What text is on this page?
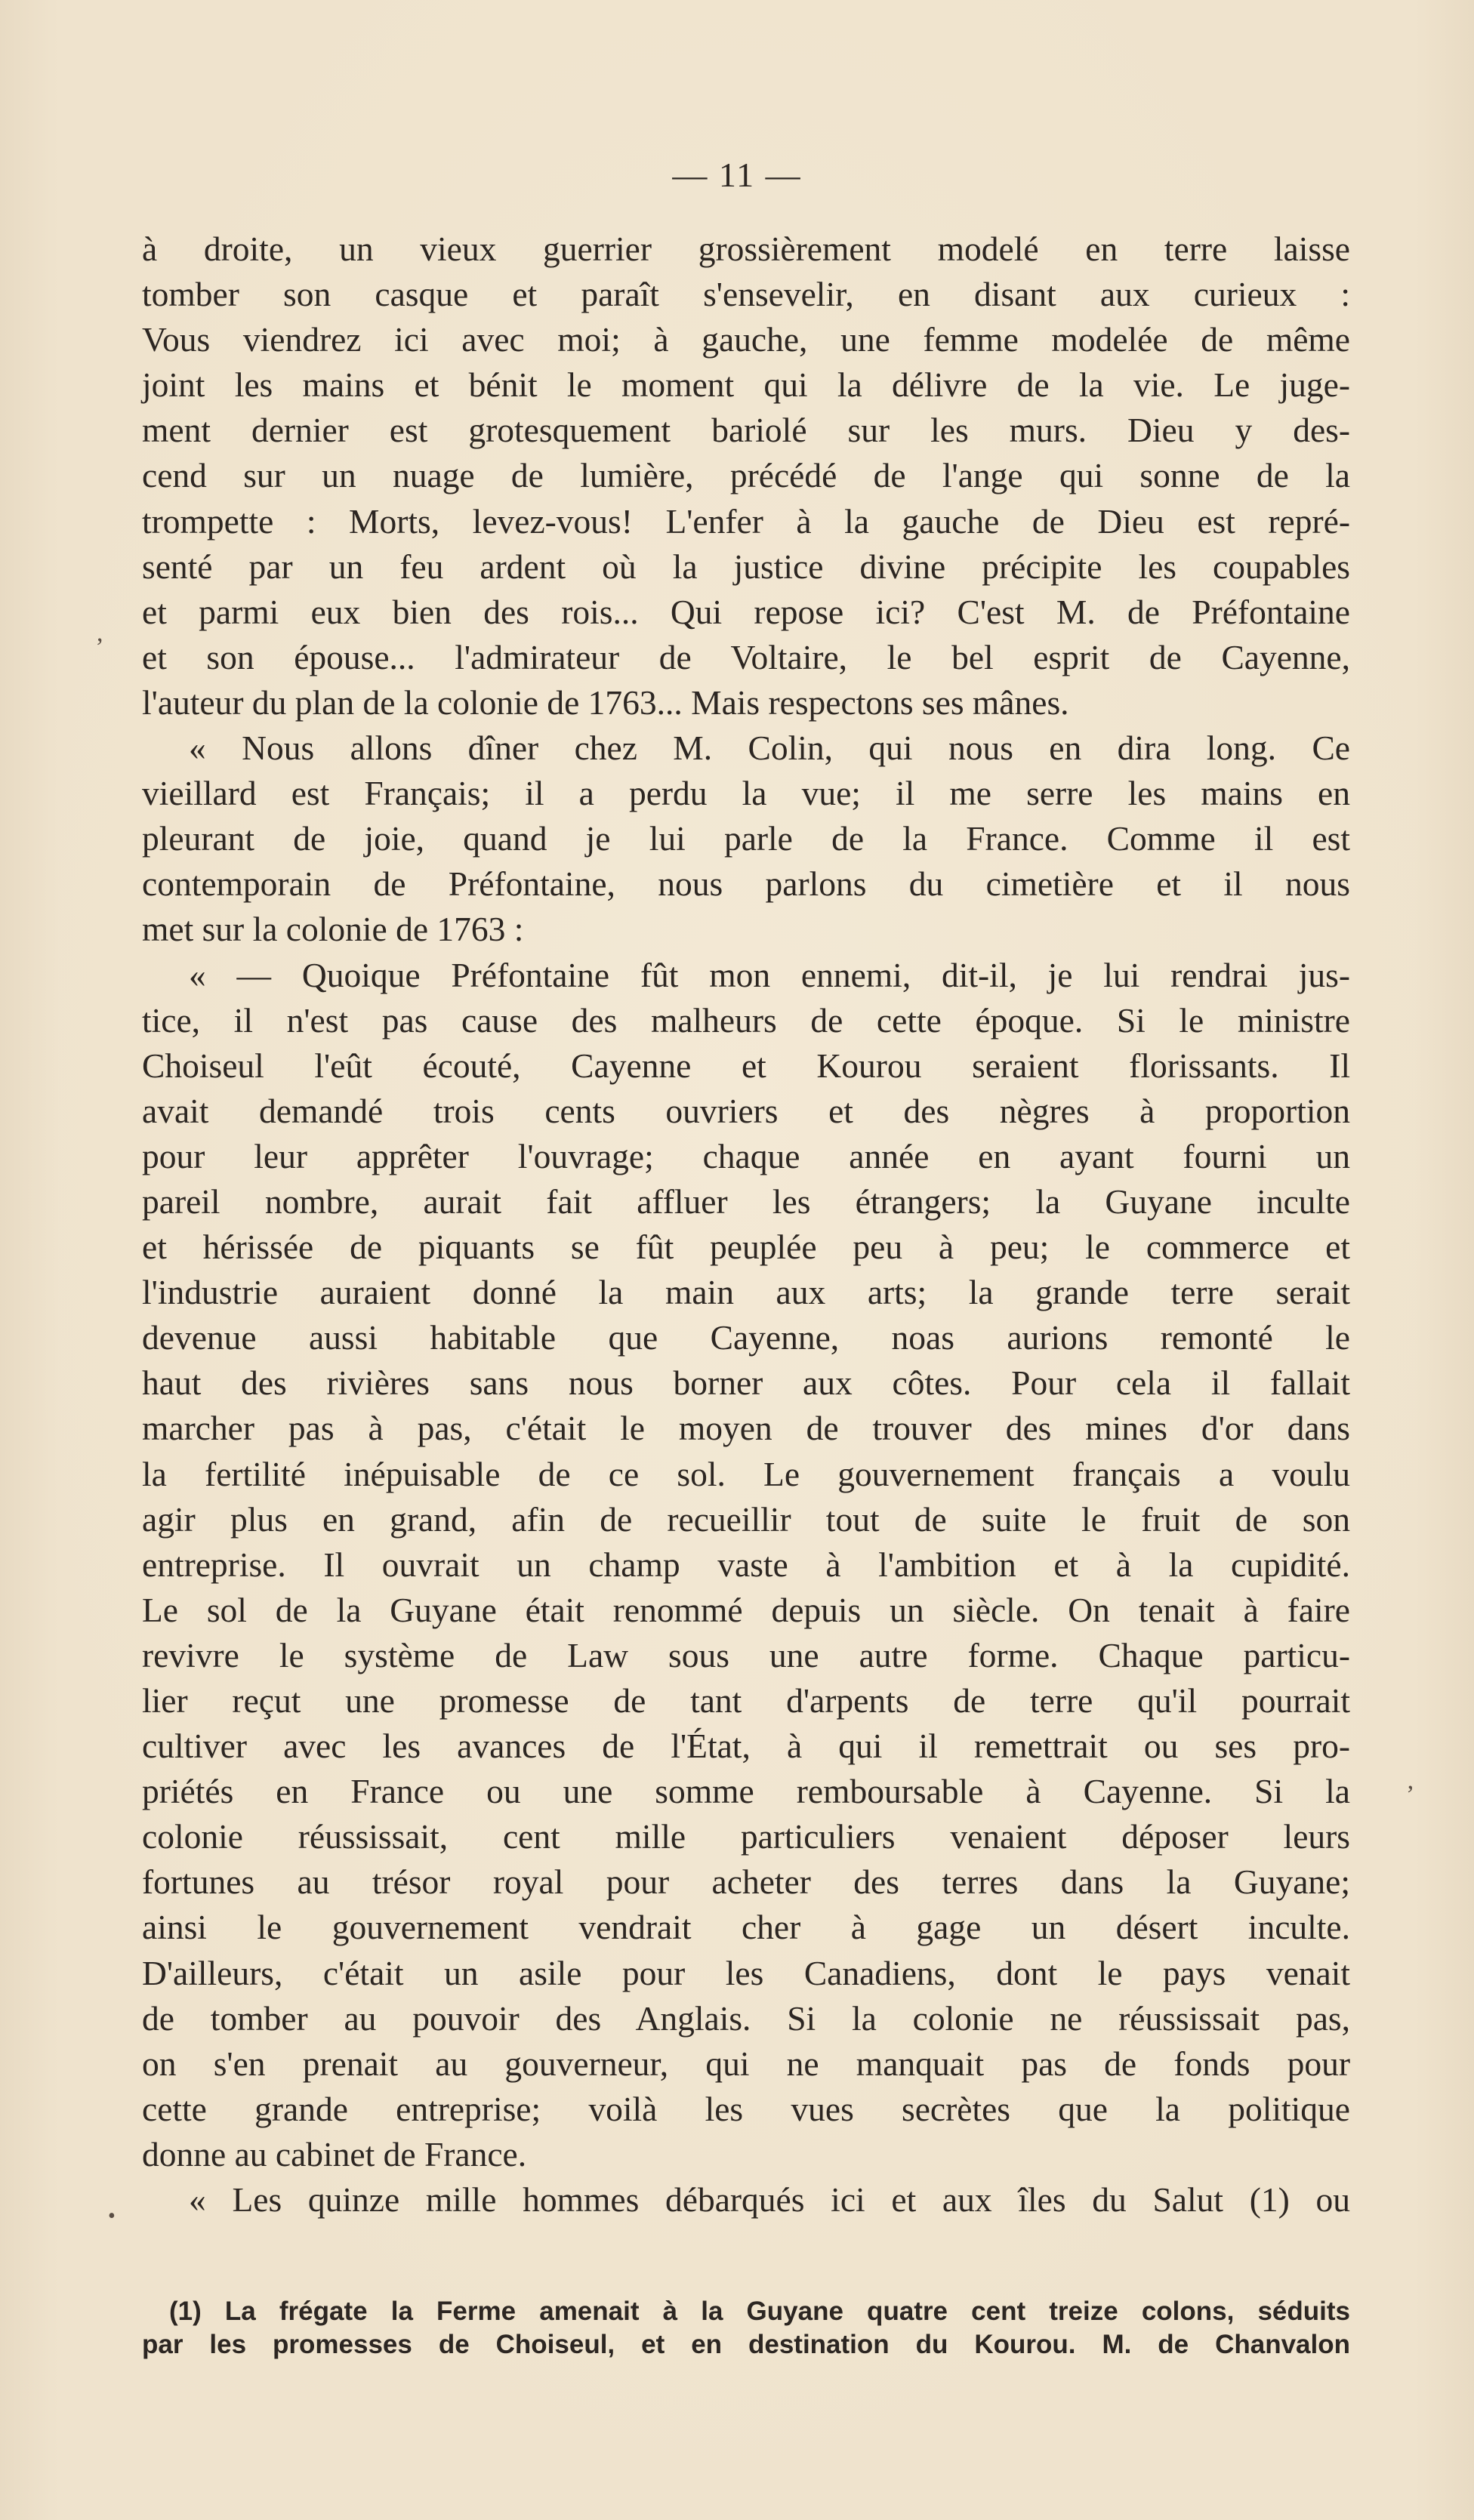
— 11 —
,
‚
•
à droite, un vieux guerrier grossièrement modelé en terre laisse
tomber son casque et paraît s'ensevelir, en disant aux curieux :
Vous viendrez ici avec moi; à gauche, une femme modelée de même
joint les mains et bénit le moment qui la délivre de la vie. Le juge-
ment dernier est grotesquement bariolé sur les murs. Dieu y des-
cend sur un nuage de lumière, précédé de l'ange qui sonne de la
trompette : Morts, levez-vous! L'enfer à la gauche de Dieu est repré-
senté par un feu ardent où la justice divine précipite les coupables
et parmi eux bien des rois... Qui repose ici? C'est M. de Préfontaine
et son épouse... l'admirateur de Voltaire, le bel esprit de Cayenne,
l'auteur du plan de la colonie de 1763... Mais respectons ses mânes.
« Nous allons dîner chez M. Colin, qui nous en dira long. Ce
vieillard est Français; il a perdu la vue; il me serre les mains en
pleurant de joie, quand je lui parle de la France. Comme il est
contemporain de Préfontaine, nous parlons du cimetière et il nous
met sur la colonie de 1763 :
« — Quoique Préfontaine fût mon ennemi, dit-il, je lui rendrai jus-
tice, il n'est pas cause des malheurs de cette époque. Si le ministre
Choiseul l'eût écouté, Cayenne et Kourou seraient florissants. Il
avait demandé trois cents ouvriers et des nègres à proportion
pour leur apprêter l'ouvrage; chaque année en ayant fourni un
pareil nombre, aurait fait affluer les étrangers; la Guyane inculte
et hérissée de piquants se fût peuplée peu à peu; le commerce et
l'industrie auraient donné la main aux arts; la grande terre serait
devenue aussi habitable que Cayenne, noas aurions remonté le
haut des rivières sans nous borner aux côtes. Pour cela il fallait
marcher pas à pas, c'était le moyen de trouver des mines d'or dans
la fertilité inépuisable de ce sol. Le gouvernement français a voulu
agir plus en grand, afin de recueillir tout de suite le fruit de son
entreprise. Il ouvrait un champ vaste à l'ambition et à la cupidité.
Le sol de la Guyane était renommé depuis un siècle. On tenait à faire
revivre le système de Law sous une autre forme. Chaque particu-
lier reçut une promesse de tant d'arpents de terre qu'il pourrait
cultiver avec les avances de l'État, à qui il remettrait ou ses pro-
priétés en France ou une somme remboursable à Cayenne. Si la
colonie réussissait, cent mille particuliers venaient déposer leurs
fortunes au trésor royal pour acheter des terres dans la Guyane;
ainsi le gouvernement vendrait cher à gage un désert inculte.
D'ailleurs, c'était un asile pour les Canadiens, dont le pays venait
de tomber au pouvoir des Anglais. Si la colonie ne réussissait pas,
on s'en prenait au gouverneur, qui ne manquait pas de fonds pour
cette grande entreprise; voilà les vues secrètes que la politique
donne au cabinet de France.
« Les quinze mille hommes débarqués ici et aux îles du Salut (1) ou
(1) La frégate la Ferme amenait à la Guyane quatre cent treize colons, séduits
par les promesses de Choiseul, et en destination du Kourou. M. de Chanvalon
